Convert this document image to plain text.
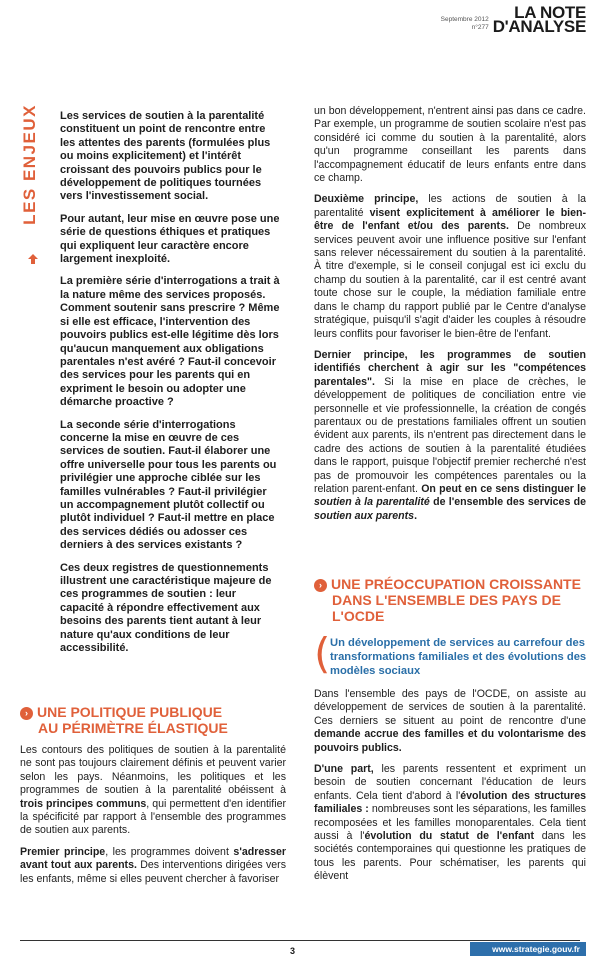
Septembre 2012
n°277
LA NOTE
D'ANALYSE
LES ENJEUX	Les services de soutien à la parentalité constituent un point de rencontre entre les attentes des parents (formulées plus ou moins explicitement) et l'intérêt croissant des pouvoirs publics pour le développement de politiques tournées vers l'investissement social.

Pour autant, leur mise en œuvre pose une série de questions éthiques et pratiques qui expliquent leur caractère encore largement inexploité.

La première série d'interrogations a trait à la nature même des services proposés. Comment soutenir sans prescrire ? Même si elle est efficace, l'intervention des pouvoirs publics est-elle légitime dès lors qu'aucun manquement aux obligations parentales n'est avéré ? Faut-il concevoir des services pour les parents qui en expriment le besoin ou adopter une démarche proactive ?

La seconde série d'interrogations concerne la mise en œuvre de ces services de soutien. Faut-il élaborer une offre universelle pour tous les parents ou privilégier une approche ciblée sur les familles vulnérables ? Faut-il privilégier un accompagnement plutôt collectif ou plutôt individuel ? Faut-il mettre en place des services dédiés ou adosser ces derniers à des services existants ?

Ces deux registres de questionnements illustrent une caractéristique majeure de ces programmes de soutien : leur capacité à répondre effectivement aux besoins des parents tient autant à leur nature qu'aux conditions de leur accessibilité.

› UNE POLITIQUE PUBLIQUE
AU PÉRIMÈTRE ÉLASTIQUE

Les contours des politiques de soutien à la parentalité ne sont pas toujours clairement définis et peuvent varier selon les pays. Néanmoins, les politiques et les programmes de soutien à la parentalité obéissent à trois principes communs, qui permettent d'en identifier la spécificité par rapport à l'ensemble des programmes de soutien aux parents.

Premier principe, les programmes doivent s'adresser avant tout aux parents. Des interventions dirigées vers les enfants, même si elles peuvent chercher à favoriser

un bon développement, n'entrent ainsi pas dans ce cadre. Par exemple, un programme de soutien scolaire n'est pas considéré ici comme du soutien à la parentalité, alors qu'un programme conseillant les parents dans l'accompagnement éducatif de leurs enfants entre dans ce champ.

Deuxième principe, les actions de soutien à la parentalité visent explicitement à améliorer le bien-être de l'enfant et/ou des parents. De nombreux services peuvent avoir une influence positive sur l'enfant sans relever nécessairement du soutien à la parentalité. À titre d'exemple, si le conseil conjugal est ici exclu du champ du soutien à la parentalité, car il est centré avant toute chose sur le couple, la médiation familiale entre dans le champ du rapport publié par le Centre d'analyse stratégique, puisqu'il s'agit d'aider les couples à résoudre leurs conflits pour favoriser le bien-être de l'enfant.

Dernier principe, les programmes de soutien identifiés cherchent à agir sur les "compétences parentales". Si la mise en place de crèches, le développement de politiques de conciliation entre vie personnelle et vie professionnelle, la création de congés parentaux ou de prestations familiales offrent un soutien évident aux parents, ils n'entrent pas directement dans le cadre des actions de soutien à la parentalité étudiées dans le rapport, puisque l'objectif premier recherché n'est pas de promouvoir les compétences parentales ou la relation parent-enfant. On peut en ce sens distinguer le soutien à la parentalité de l'ensemble des services de soutien aux parents.

› UNE PRÉOCCUPATION CROISSANTE
DANS L'ENSEMBLE DES PAYS DE
L'OCDE
( Un développement de services au carrefour des transformations familiales et des évolutions des modèles sociaux

Dans l'ensemble des pays de l'OCDE, on assiste au développement de services de soutien à la parentalité. Ces derniers se situent au point de rencontre d'une demande accrue des familles et du volontarisme des pouvoirs publics.

D'une part, les parents ressentent et expriment un besoin de soutien concernant l'éducation de leurs enfants. Cela tient d'abord à l'évolution des structures familiales : nombreuses sont les séparations, les familles recomposées et les familles monoparentales. Cela tient aussi à l'évolution du statut de l'enfant dans les sociétés contemporaines qui questionne les pratiques de tous les parents. Pour schématiser, les parents qui élèvent

3	www.strategie.gouv.fr
